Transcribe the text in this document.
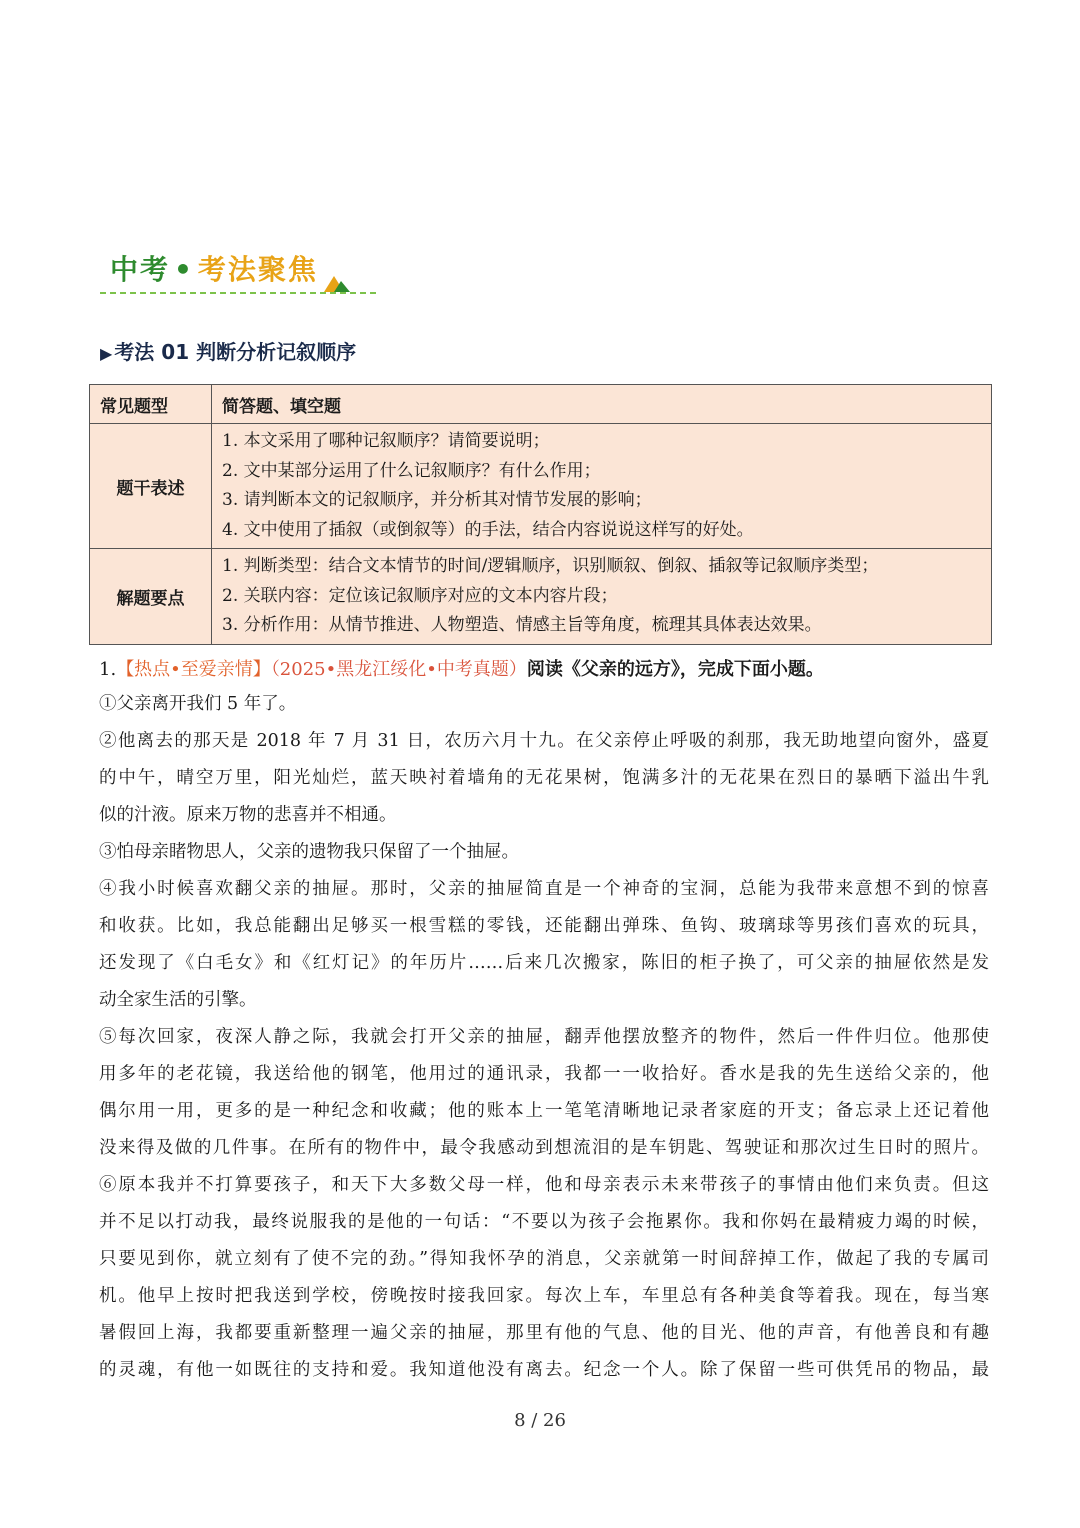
中考 • 考法聚焦
▶ 考法 01 判断分析记叙顺序
常见题型	简答题、填空题
题干表述	1. 本文采用了哪种记叙顺序？请简要说明；
2. 文中某部分运用了什么记叙顺序？有什么作用；
3. 请判断本文的记叙顺序，并分析其对情节发展的影响；
4. 文中使用了插叙（或倒叙等）的手法，结合内容说说这样写的好处。

解题要点	1. 判断类型：结合文本情节的时间/逻辑顺序，识别顺叙、倒叙、插叙等记叙顺序类型；
2. 关联内容：定位该记叙顺序对应的文本内容片段；
3. 分析作用：从情节推进、人物塑造、情感主旨等角度，梳理其具体表达效果。
1.【热点•至爱亲情】（2025•黑龙江绥化•中考真题）阅读《父亲的远方》，完成下面小题。
①父亲离开我们 5 年了。
②他离去的那天是 2018 年 7 月 31 日，农历六月十九。在父亲停止呼吸的刹那，我无助地望向窗外，盛夏
的中午，晴空万里，阳光灿烂，蓝天映衬着墙角的无花果树，饱满多汁的无花果在烈日的暴晒下溢出牛乳
似的汁液。原来万物的悲喜并不相通。
③怕母亲睹物思人，父亲的遗物我只保留了一个抽屉。
④我小时候喜欢翻父亲的抽屉。那时，父亲的抽屉简直是一个神奇的宝洞，总能为我带来意想不到的惊喜
和收获。比如，我总能翻出足够买一根雪糕的零钱，还能翻出弹珠、鱼钩、玻璃球等男孩们喜欢的玩具，
还发现了《白毛女》和《红灯记》的年历片……后来几次搬家，陈旧的柜子换了，可父亲的抽屉依然是发
动全家生活的引擎。
⑤每次回家，夜深人静之际，我就会打开父亲的抽屉，翻弄他摆放整齐的物件，然后一件件归位。他那使
用多年的老花镜，我送给他的钢笔，他用过的通讯录，我都一一收拾好。香水是我的先生送给父亲的，他
偶尔用一用，更多的是一种纪念和收藏；他的账本上一笔笔清晰地记录者家庭的开支；备忘录上还记着他
没来得及做的几件事。在所有的物件中，最令我感动到想流泪的是车钥匙、驾驶证和那次过生日时的照片。
⑥原本我并不打算要孩子，和天下大多数父母一样，他和母亲表示未来带孩子的事情由他们来负责。但这
并不足以打动我，最终说服我的是他的一句话：“不要以为孩子会拖累你。我和你妈在最精疲力竭的时候，
只要见到你，就立刻有了使不完的劲。”得知我怀孕的消息，父亲就第一时间辞掉工作，做起了我的专属司
机。他早上按时把我送到学校，傍晚按时接我回家。每次上车，车里总有各种美食等着我。现在，每当寒
暑假回上海，我都要重新整理一遍父亲的抽屉，那里有他的气息、他的目光、他的声音，有他善良和有趣
的灵魂，有他一如既往的支持和爱。我知道他没有离去。纪念一个人。除了保留一些可供凭吊的物品，最
8 / 26
